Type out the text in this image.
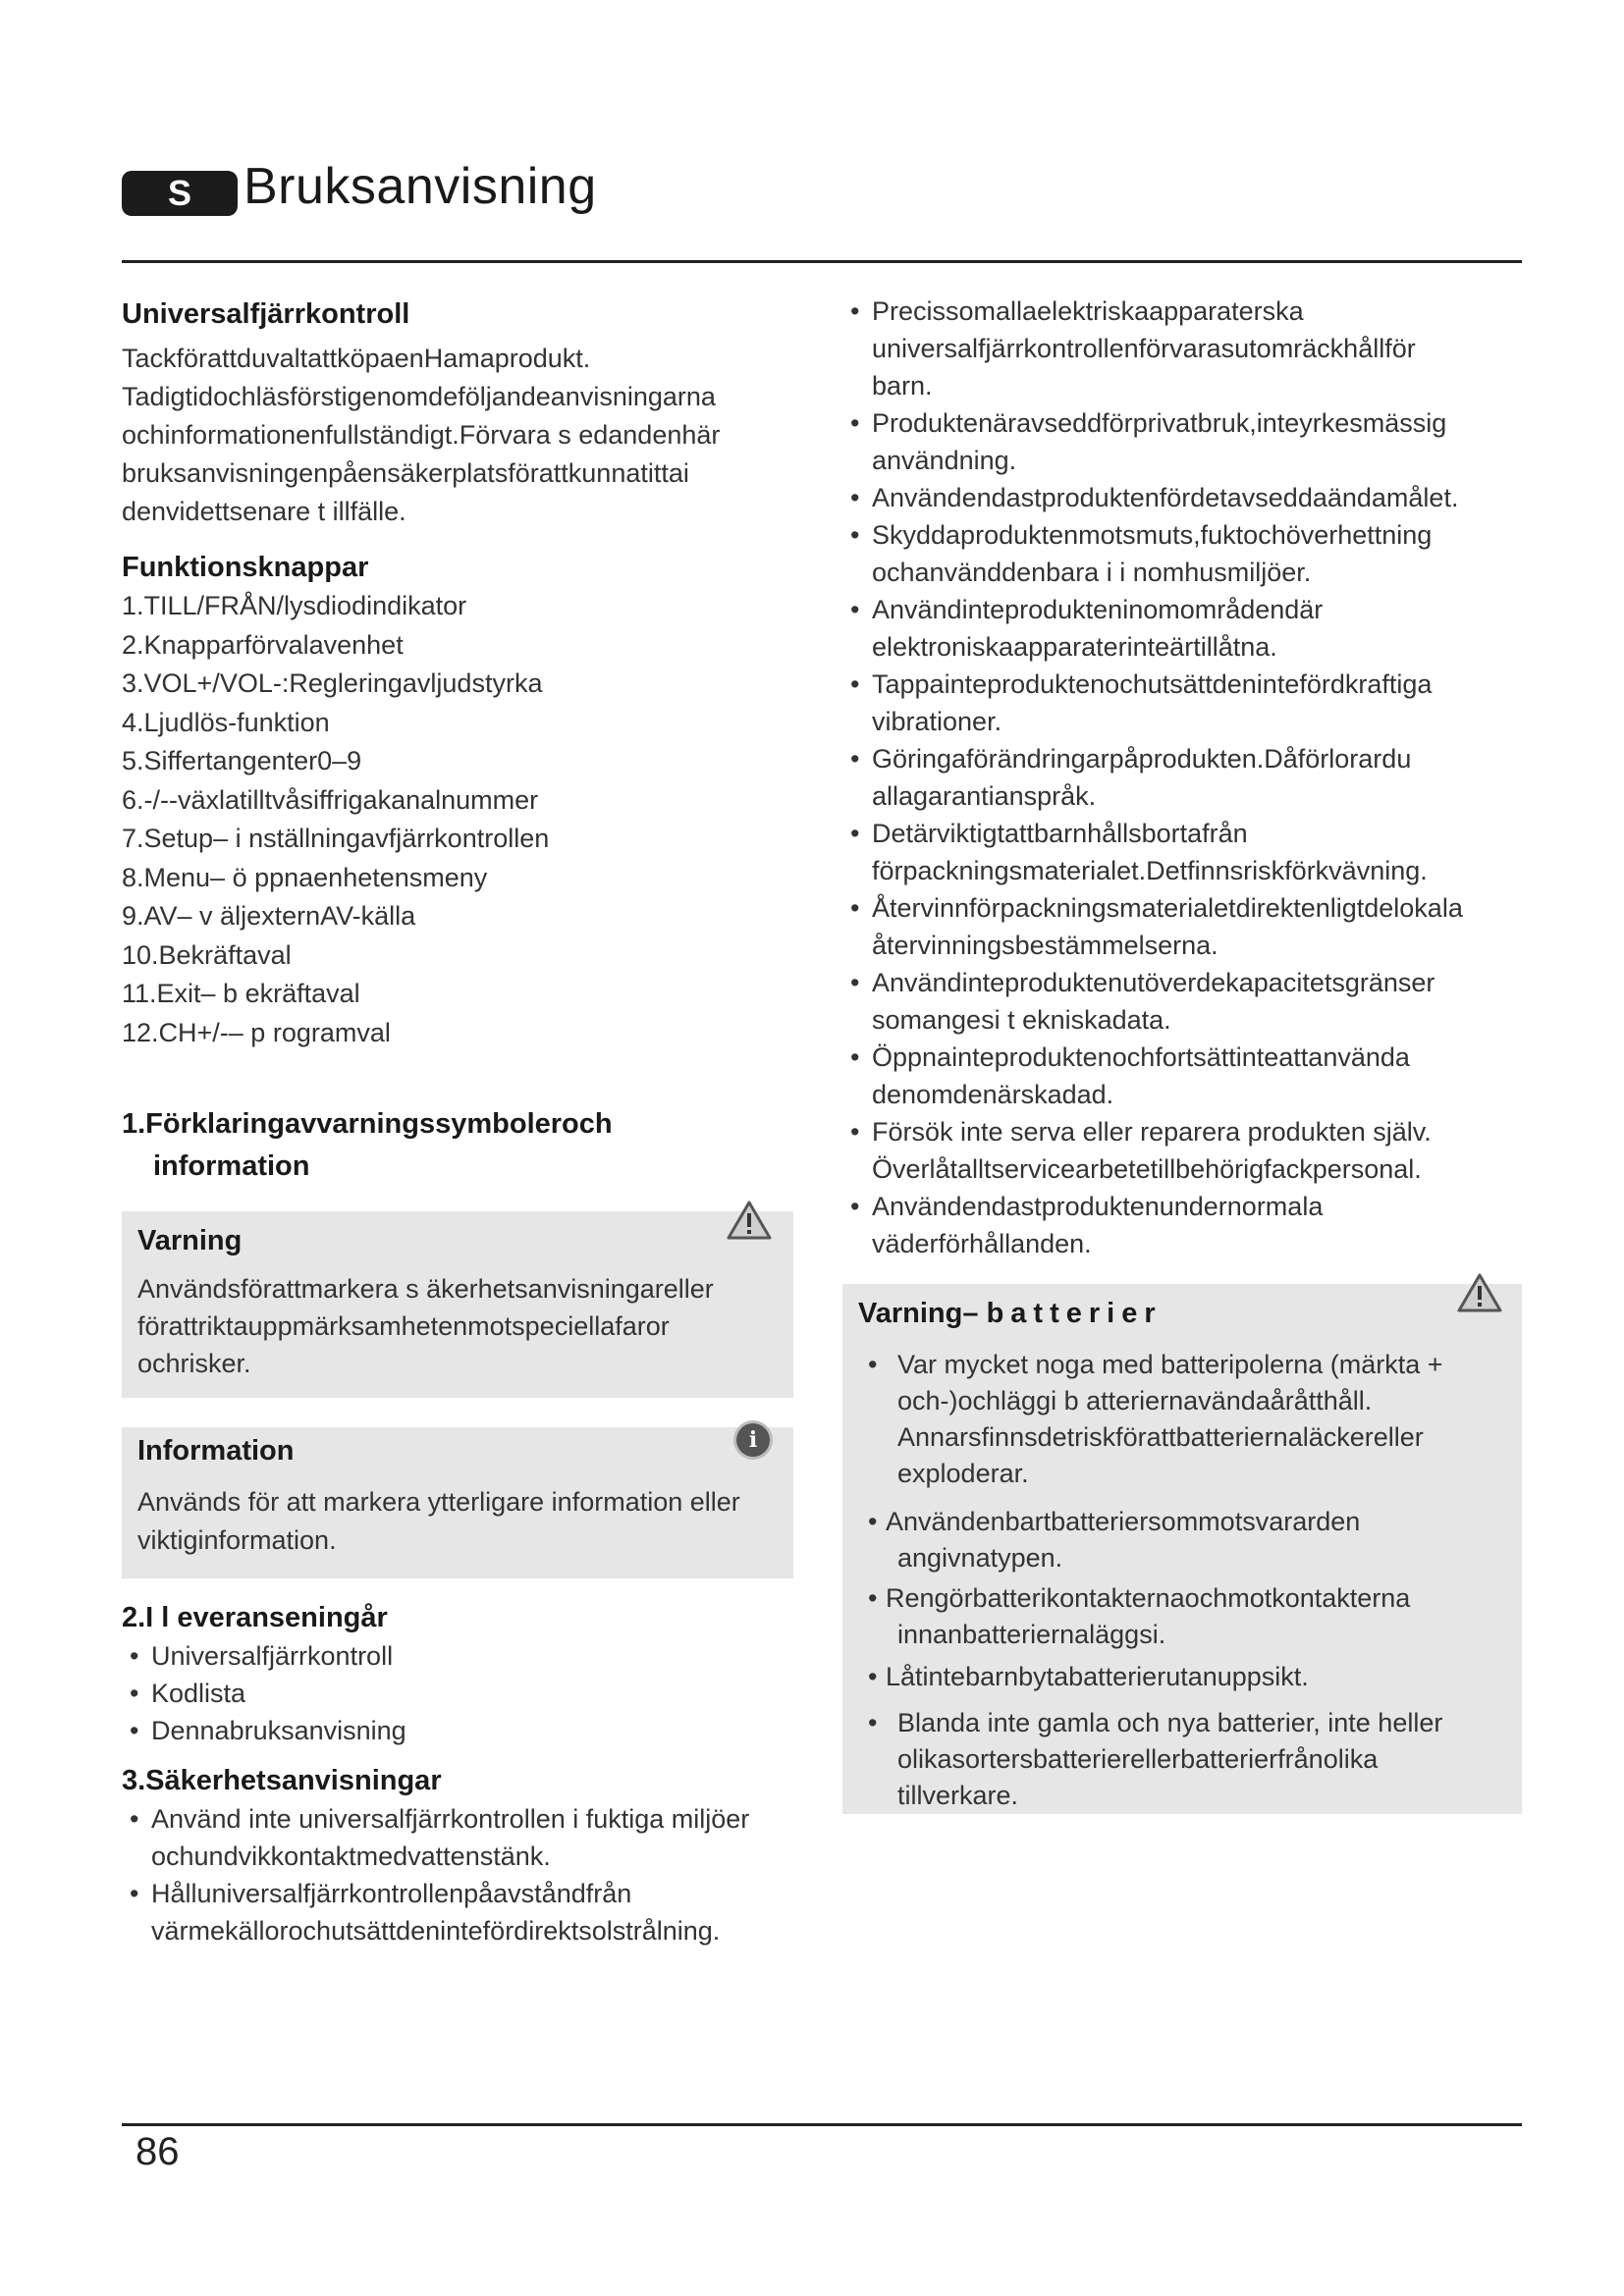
S	Bruksanvisning

Universalfjärrkontroll

TackförattduvaltattköpaenHamaprodukt.

Tadigtidochläsförstigenomdeföljandeanvisningarna

ochinformationenfullständigt.Förvara s edandenhär

bruksanvisningenpåensäkerplatsförattkunnatittai

denvidettsenare t illfälle.

Funktionsknappar

1.TILL/FRÅN/lysdiodindikator
2.Knapparförvalavenhet
3.VOL+/VOL-:Regleringavljudstyrka
4.Ljudlös-funktion
5.Siffertangenter0–9
6.-/--växlatilltvåsiffrigakanalnummer
7.Setup– i nställningavfjärrkontrollen
8.Menu– ö ppnaenhetensmeny
9.AV– v äljexternAV-källa
10.Bekräftaval
11.Exit– b ekräftaval
12.CH+/-– p rogramval

1.Förklaringavvarningssymboleroch

information

Varning

Användsförattmarkera s äkerhetsanvisningareller

förattriktauppmärksamhetenmotspeciellafaror

ochrisker.

Information	i

Används för att markera ytterligare information eller

viktiginformation.

2.I l everanseningår

• Universalfjärrkontroll
• Kodlista
• Dennabruksanvisning

3.Säkerhetsanvisningar

• Använd inte universalfjärrkontrollen i fuktiga miljöer
ochundvikkontaktmedvattenstänk.
• Hålluniversalfjärrkontrollenpåavståndfrån
värmekällorochutsättdenintefördirektsolstrålning.
• Precissomallaelektriskaapparaterska
universalfjärrkontrollenförvarasutomräckhållför
barn.
• Produktenäravseddförprivatbruk,inteyrkesmässig
användning.
• Användendastproduktenfördetavseddaändamålet.
• Skyddaproduktenmotsmuts,fuktochöverhettning
ochanvänddenbara i i nomhusmiljöer.
• Användinteprodukteninomområdendär
elektroniskaapparaterinteärtillåtna.
• Tappainteproduktenochutsättdenintefördkraftiga
vibrationer.
• Göringaförändringarpåprodukten.Dåförlorardu
allagarantianspråk.
• Detärviktigtattbarnhållsbortafrån
förpackningsmaterialet.Detfinnsriskförkvävning.
• Återvinnförpackningsmaterialetdirektenligtdelokala
återvinningsbestämmelserna.
• Användinteproduktenutöverdekapacitetsgränser
somangesi t ekniskadata.
• Öppnainteproduktenochfortsättinteattanvända
denomdenärskadad.
• Försök inte serva eller reparera produkten själv.
Överlåtalltservicearbetetillbehörigfackpersonal.
• Användendastproduktenundernormala
väderförhållanden.

Varning– batterier

• Var mycket noga med batteripolerna (märkta +
och-)ochläggi b atteriernavändaåråtthåll.
Annarsfinnsdetriskförattbatteriernaläckereller
exploderar.
• Användenbartbatteriersommotsvararden
angivnatypen.
• Rengörbatterikontakternaochmotkontakterna
innanbatteriernaläggsi.
• Låtintebarnbytabatterierutanuppsikt.
• Blanda inte gamla och nya batterier, inte heller
olikasortersbatterierellerbatterierfrånolika
tillverkare.
86
